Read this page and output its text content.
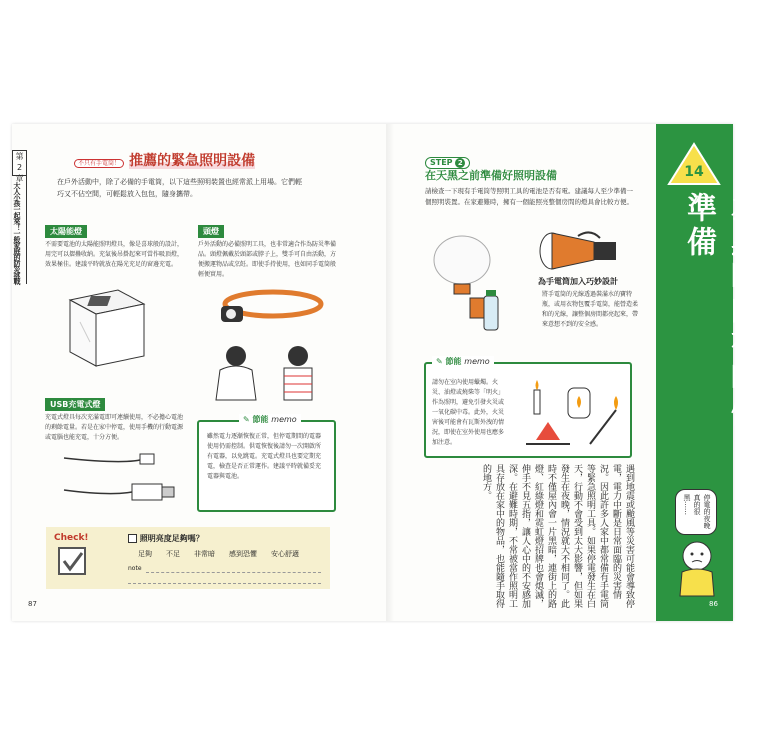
第2章
大人小孩一起來！一般家庭的防災挑戰
不只有手電筒！ 推薦的緊急照明設備
在戶外活動中，除了必備的手電筒，以下這些照明裝置也經常派上用場。它們輕巧又不佔空間，可輕鬆放入包包，隨身攜帶。
太陽能燈
不需要電池的太陽能照明燈具，像是喜球般的設計，用完可以摺疊收納。充氣後吊掛起來可當作吸頂燈，效果極佳。建議平時就放在陽光充足的窗邊充電。
頭燈
戶外活動的必備照明工具，也非常適合作為防災準備品。頭燈佩戴於頭部或脖子上，雙手可自由活動，方便搬運物品或烹飪。即使手持使用，也如同手電筒般輕便實用。
USB充電式燈
充電式燈具每次充滿電即可連續使用，不必擔心電池的剩餘電量。若是在家中停電，使用手機的行動電源或電腦也能充電，十分方便。
✎ 節能 memo
雖然電力逐漸恢復正常，但停電期間的電器使用仍需控制。供電恢復後請勿一次開啟所有電器，以免跳電。充電式燈具也要定期充電，檢查是否正常運作。建議平時就備妥充電器與電池。
Check!	照明亮度足夠嗎？
足夠 不足 非常暗 感到恐懼 安心舒適
note
87
STEP 2
在天黑之前準備好照明設備
請檢查一下現有手電筒等照明工具的電池是否有電。建議每人至少準備一個照明裝置。在家避難時，擁有一個能照亮整個房間的燈具會比較方便。
為手電筒加入巧妙設計
將手電筒的光線透過裝滿水的寶特瓶，或用衣物包覆手電筒，能營造柔和的光線，讓整個房間都亮起來，帶來意想不到的安全感。
✎ 節能 memo
請勿在室內使用蠟燭。火災、油燈或燒柴等「明火」作為照明，避免引發火災或一氧化碳中毒。此外，火災害後可能會有瓦斯外洩的情況，即使在室外使用也應多加注意。
遇到地震或颱風等災害可能會導致停電，電力中斷是日常面臨的災害情況。因此許多人家中都常備有手電筒等緊急照明工具。如果停電發生在白天，行動不會受到太大影響，但如果發生在夜晚，情況就大不相同了。此時不僅屋內會一片黑暗，連街上的路燈、紅綠燈和霓虹燈招牌也會熄滅，伸手不見五指，讓人心中的不安感加深。在避難時期，不常被當作照明工具存放在家中的物品，也能隨手取得的地方。
14
為黑暗的夜晚做準備
停電的夜晚真的很黑……
86
